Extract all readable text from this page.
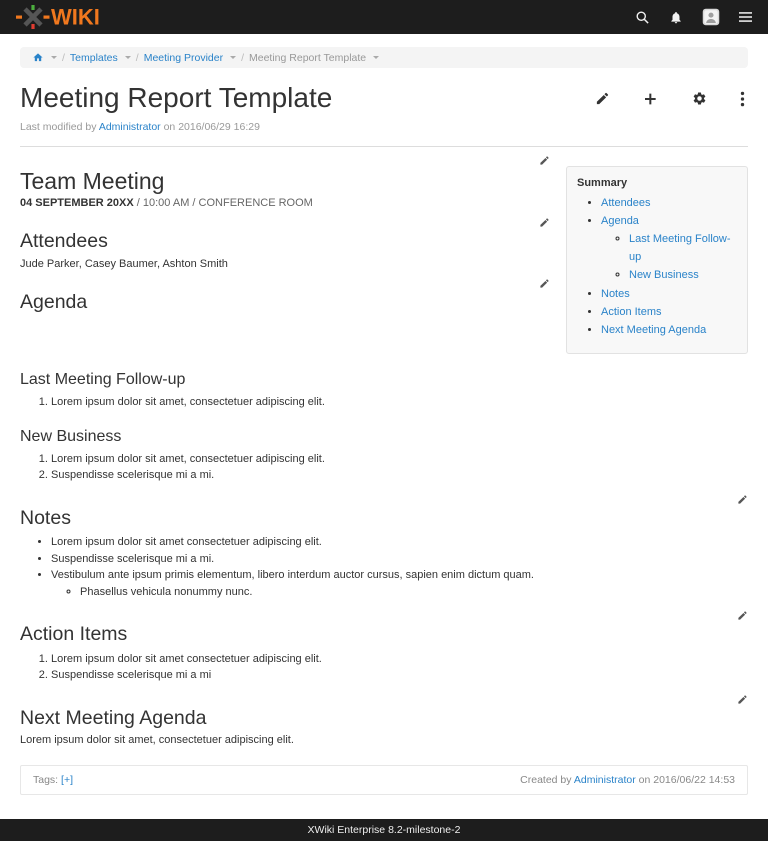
WIKI
/ Templates / Meeting Provider / Meeting Report Template
Meeting Report Template

Last modified by Administrator on 2016/06/29 16:29

Team Meeting

04 SEPTEMBER 20XX / 10:00 AM / CONFERENCE ROOM

Attendees

Jude Parker, Casey Baumer, Ashton Smith

Agenda
Summary
• Attendees
• Agenda
◦ Last Meeting Follow-up
◦ New Business
• Notes
• Action Items
• Next Meeting Agenda
Last Meeting Follow-up
1. Lorem ipsum dolor sit amet, consectetuer adipiscing elit.
New Business
1. Lorem ipsum dolor sit amet, consectetuer adipiscing elit.
2. Suspendisse scelerisque mi a mi.
Notes
• Lorem ipsum dolor sit amet consectetuer adipiscing elit.
• Suspendisse scelerisque mi a mi.
• Vestibulum ante ipsum primis elementum, libero interdum auctor cursus, sapien enim dictum quam.
◦ Phasellus vehicula nonummy nunc.
Action Items
1. Lorem ipsum dolor sit amet consectetuer adipiscing elit.
2. Suspendisse scelerisque mi a mi
Next Meeting Agenda

Lorem ipsum dolor sit amet, consectetuer adipiscing elit.

Tags: [+]	Created by Administrator on 2016/06/22 14:53
XWiki Enterprise 8.2-milestone-2
